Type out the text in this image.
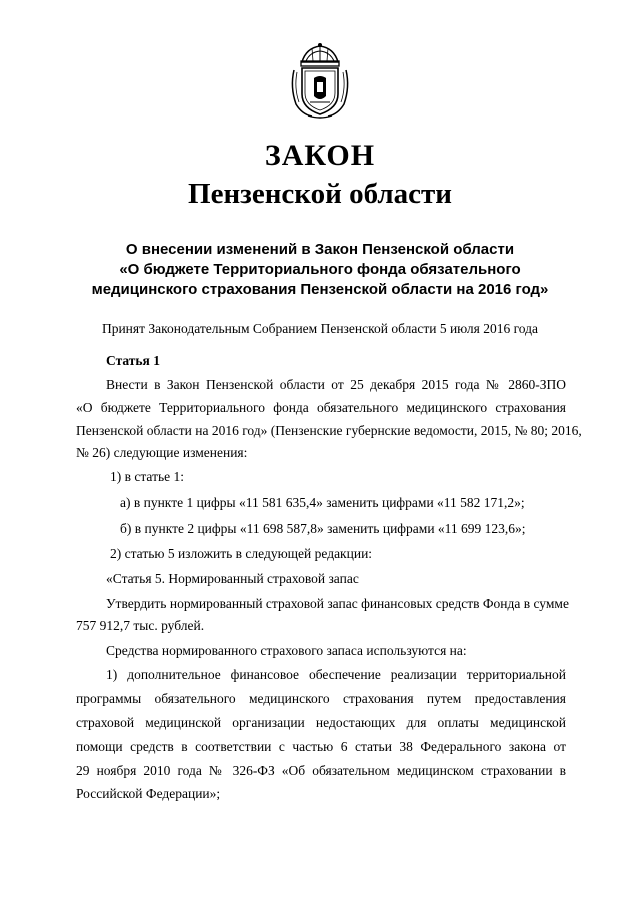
ЗАКОН
Пензенской области
О внесении изменений в Закон Пензенской области
«О бюджете Территориального фонда обязательного
медицинского страхования Пензенской области на 2016 год»
Принят Законодательным Собранием Пензенской области 5 июля 2016 года
Статья 1
Внести в Закон Пензенской области от 25 декабря 2015 года № 2860-ЗПО
«О бюджете Территориального фонда обязательного медицинского страхования
Пензенской области на 2016 год» (Пензенские губернские ведомости, 2015, № 80; 2016,
№ 26) следующие изменения:
1) в статье 1:
а) в пункте 1 цифры «11 581 635,4» заменить цифрами «11 582 171,2»;
б) в пункте 2 цифры «11 698 587,8» заменить цифрами «11 699 123,6»;
2) статью 5 изложить в следующей редакции:
«Статья 5. Нормированный страховой запас
Утвердить нормированный страховой запас финансовых средств Фонда в сумме
757 912,7 тыс. рублей.
Средства нормированного страхового запаса используются на:
1) дополнительное финансовое обеспечение реализации территориальной
программы обязательного медицинского страхования путем предоставления
страховой медицинской организации недостающих для оплаты медицинской
помощи средств в соответствии с частью 6 статьи 38 Федерального закона от
29 ноября 2010 года № 326-ФЗ «Об обязательном медицинском страховании в
Российской Федерации»;
